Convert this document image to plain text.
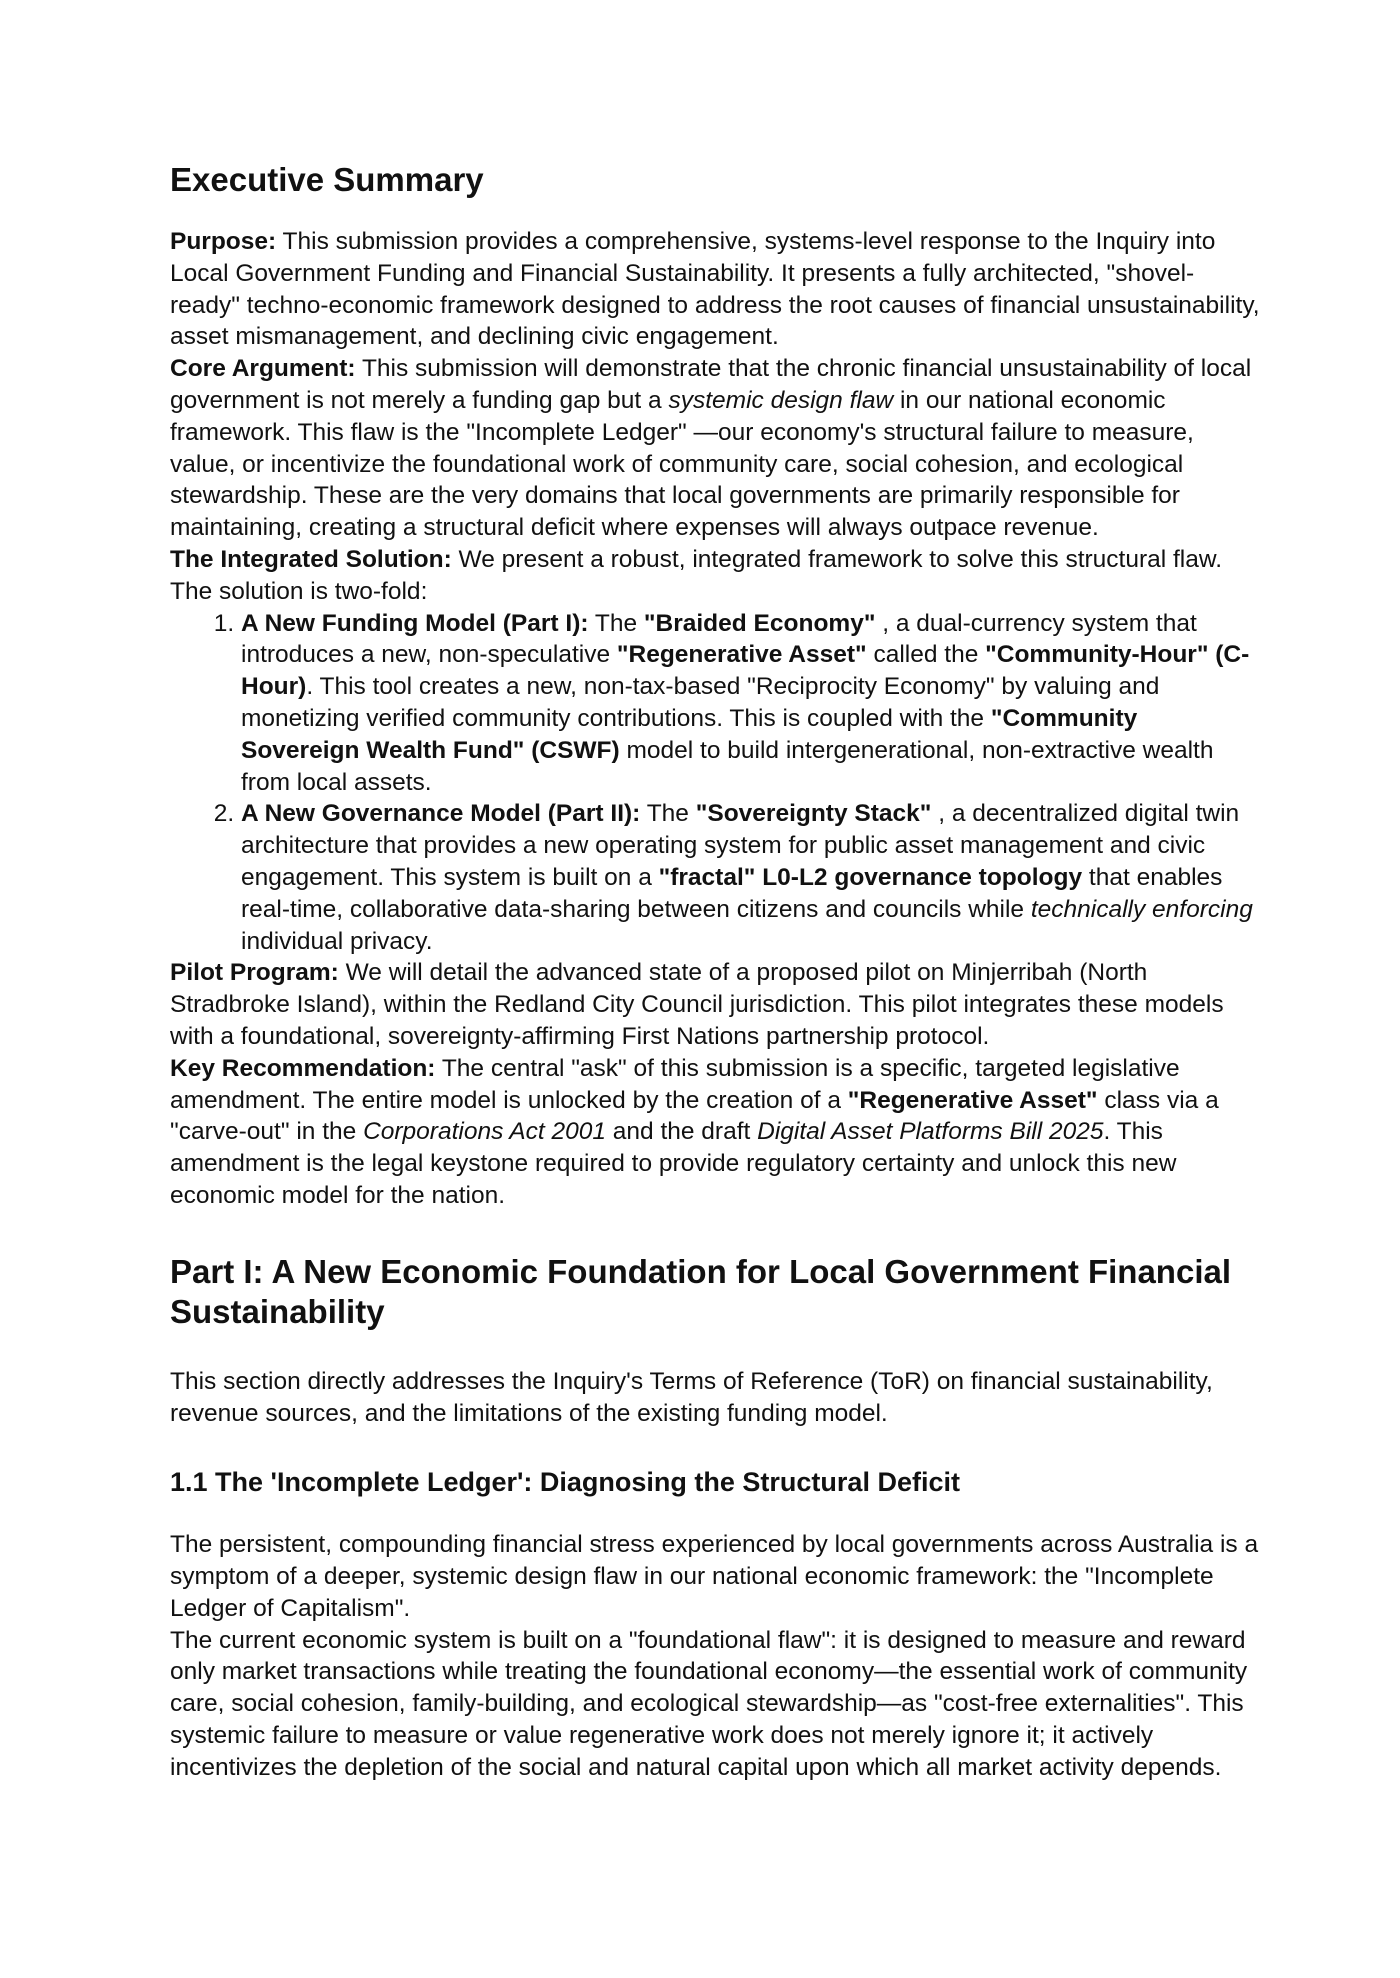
Executive Summary

Purpose: This submission provides a comprehensive, systems-level response to the Inquiry into Local Government Funding and Financial Sustainability. It presents a fully architected, "shovel-ready" techno-economic framework designed to address the root causes of financial unsustainability, asset mismanagement, and declining civic engagement.

Core Argument: This submission will demonstrate that the chronic financial unsustainability of local government is not merely a funding gap but a systemic design flaw in our national economic framework. This flaw is the "Incomplete Ledger" —our economy's structural failure to measure, value, or incentivize the foundational work of community care, social cohesion, and ecological stewardship. These are the very domains that local governments are primarily responsible for maintaining, creating a structural deficit where expenses will always outpace revenue.

The Integrated Solution: We present a robust, integrated framework to solve this structural flaw. The solution is two-fold:

1. A New Funding Model (Part I): The "Braided Economy" , a dual-currency system that introduces a new, non-speculative "Regenerative Asset" called the "Community-Hour" (C-Hour). This tool creates a new, non-tax-based "Reciprocity Economy" by valuing and monetizing verified community contributions. This is coupled with the "Community Sovereign Wealth Fund" (CSWF) model to build intergenerational, non-extractive wealth from local assets.
2. A New Governance Model (Part II): The "Sovereignty Stack" , a decentralized digital twin architecture that provides a new operating system for public asset management and civic engagement. This system is built on a "fractal" L0-L2 governance topology that enables real-time, collaborative data-sharing between citizens and councils while technically enforcing individual privacy.

Pilot Program: We will detail the advanced state of a proposed pilot on Minjerribah (North Stradbroke Island), within the Redland City Council jurisdiction. This pilot integrates these models with a foundational, sovereignty-affirming First Nations partnership protocol.

Key Recommendation: The central "ask" of this submission is a specific, targeted legislative amendment. The entire model is unlocked by the creation of a "Regenerative Asset" class via a "carve-out" in the Corporations Act 2001 and the draft Digital Asset Platforms Bill 2025. This amendment is the legal keystone required to provide regulatory certainty and unlock this new economic model for the nation.

Part I: A New Economic Foundation for Local Government Financial Sustainability

This section directly addresses the Inquiry's Terms of Reference (ToR) on financial sustainability, revenue sources, and the limitations of the existing funding model.

1.1 The 'Incomplete Ledger': Diagnosing the Structural Deficit

The persistent, compounding financial stress experienced by local governments across Australia is a symptom of a deeper, systemic design flaw in our national economic framework: the "Incomplete Ledger of Capitalism".

The current economic system is built on a "foundational flaw": it is designed to measure and reward only market transactions while treating the foundational economy—the essential work of community care, social cohesion, family-building, and ecological stewardship—as "cost-free externalities". This systemic failure to measure or value regenerative work does not merely ignore it; it actively incentivizes the depletion of the social and natural capital upon which all market activity depends.
